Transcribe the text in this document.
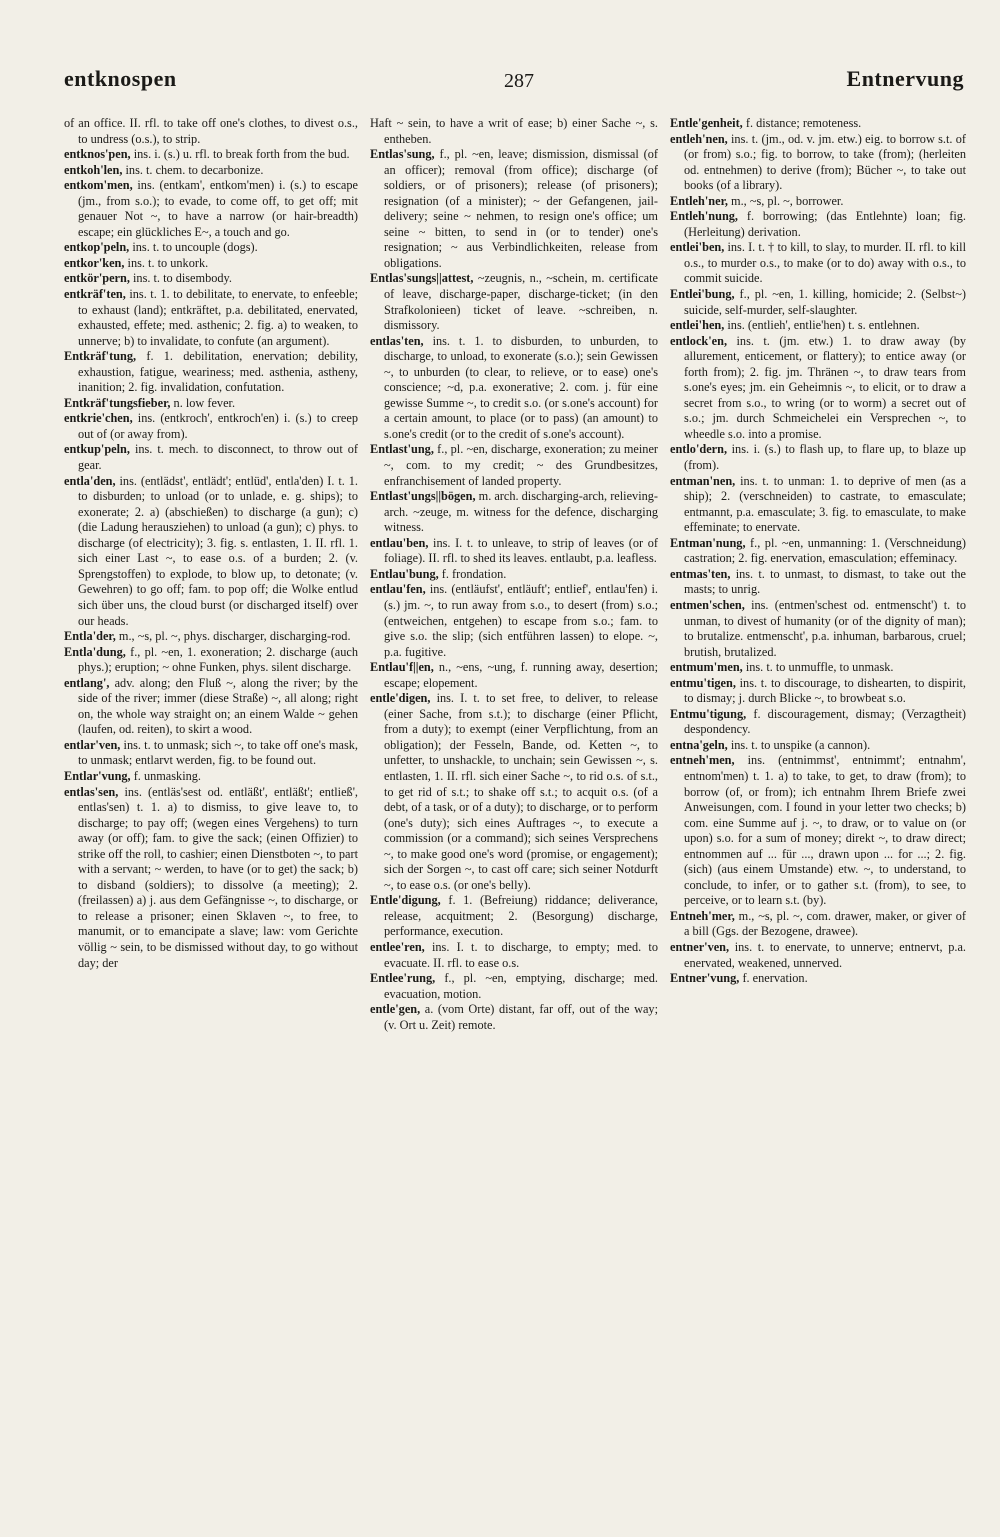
entknospen	287	Entnervung

of an office. II. rfl. to take off one's clothes, to divest o.s., to undress (o.s.), to strip.

entknos'pen, ins. i. (s.) u. rfl. to break forth from the bud.

entkoh'len, ins. t. chem. to decarbonize.

entkom'men, ins. (entkam', entkom'men) i. (s.) to escape (jm., from s.o.); to evade, to come off, to get off; mit genauer Not ~, to have a narrow (or hair-breadth) escape; ein glückliches E~, a touch and go.

entkop'peln, ins. t. to uncouple (dogs).

entkor'ken, ins. t. to unkork.

entkör'pern, ins. t. to disembody.

entkräf'ten, ins. t. 1. to debilitate, to enervate, to enfeeble; to exhaust (land); entkräftet, p.a. debilitated, enervated, exhausted, effete; med. asthenic; 2. fig. a) to weaken, to unnerve; b) to invalidate, to confute (an argument).

Entkräf'tung, f. 1. debilitation, enervation; debility, exhaustion, fatigue, weariness; med. asthenia, astheny, inanition; 2. fig. invalidation, confutation.

Entkräf'tungsfieber, n. low fever.

entkrie'chen, ins. (entkroch', entkroch'en) i. (s.) to creep out of (or away from).

entkup'peln, ins. t. mech. to disconnect, to throw out of gear.

entla'den, ins. (entlädst', entlädt'; entlüd', entla'den) I. t. 1. to disburden; to unload (or to unlade, e. g. ships); to exonerate; 2. a) (abschießen) to discharge (a gun); c) (die Ladung herausziehen) to unload (a gun); c) phys. to discharge (of electricity); 3. fig. s. entlasten, 1. II. rfl. 1. sich einer Last ~, to ease o.s. of a burden; 2. (v. Sprengstoffen) to explode, to blow up, to detonate; (v. Gewehren) to go off; fam. to pop off; die Wolke entlud sich über uns, the cloud burst (or discharged itself) over our heads.

Entla'der, m., ~s, pl. ~, phys. discharger, discharging-rod.

Entla'dung, f., pl. ~en, 1. exoneration; 2. discharge (auch phys.); eruption; ~ ohne Funken, phys. silent discharge.

entlang', adv. along; den Fluß ~, along the river; by the side of the river; immer (diese Straße) ~, all along; right on, the whole way straight on; an einem Walde ~ gehen (laufen, od. reiten), to skirt a wood.

entlar'ven, ins. t. to unmask; sich ~, to take off one's mask, to unmask; entlarvt werden, fig. to be found out.

Entlar'vung, f. unmasking.

entlas'sen, ins. (entläs'sest od. entläßt', entläßt'; entließ', entlas'sen) t. 1. a) to dismiss, to give leave to, to discharge; to pay off; (wegen eines Vergehens) to turn away (or off); fam. to give the sack; (einen Offizier) to strike off the roll, to cashier; einen Dienstboten ~, to part with a servant; ~ werden, to have (or to get) the sack; b) to disband (soldiers); to dissolve (a meeting); 2. (freilassen) a) j. aus dem Gefängnisse ~, to discharge, or to release a prisoner; einen Sklaven ~, to free, to manumit, or to emancipate a slave; law: vom Gerichte völlig ~ sein, to be dismissed without day, to go without day; der

Haft ~ sein, to have a writ of ease; b) einer Sache ~, s. entheben.

Entlas'sung, f., pl. ~en, leave; dismission, dismissal (of an officer); removal (from office); discharge (of soldiers, or of prisoners); release (of prisoners); resignation (of a minister); ~ der Gefangenen, jail-delivery; seine ~ nehmen, to resign one's office; um seine ~ bitten, to send in (or to tender) one's resignation; ~ aus Verbindlichkeiten, release from obligations.

Entlas'sungs||attest, ~zeugnis, n., ~schein, m. certificate of leave, discharge-paper, discharge-ticket; (in den Strafkolonieen) ticket of leave. ~schreiben, n. dismissory.

entlas'ten, ins. t. 1. to disburden, to unburden, to discharge, to unload, to exonerate (s.o.); sein Gewissen ~, to unburden (to clear, to relieve, or to ease) one's conscience; ~d, p.a. exonerative; 2. com. j. für eine gewisse Summe ~, to credit s.o. (or s.one's account) for a certain amount, to place (or to pass) (an amount) to s.one's credit (or to the credit of s.one's account).

Entlast'ung, f., pl. ~en, discharge, exoneration; zu meiner ~, com. to my credit; ~ des Grundbesitzes, enfranchisement of landed property.

Entlast'ungs||bögen, m. arch. discharging-arch, relieving-arch. ~zeuge, m. witness for the defence, discharging witness.

entlau'ben, ins. I. t. to unleave, to strip of leaves (or of foliage). II. rfl. to shed its leaves. entlaubt, p.a. leafless.

Entlau'bung, f. frondation.

entlau'fen, ins. (entläufst', entläuft'; entlief', entlau'fen) i. (s.) jm. ~, to run away from s.o., to desert (from) s.o.; (entweichen, entgehen) to escape from s.o.; fam. to give s.o. the slip; (sich entführen lassen) to elope. ~, p.a. fugitive.

Entlau'f||en, n., ~ens, ~ung, f. running away, desertion; escape; elopement.

entle'digen, ins. I. t. to set free, to deliver, to release (einer Sache, from s.t.); to discharge (einer Pflicht, from a duty); to exempt (einer Verpflichtung, from an obligation); der Fesseln, Bande, od. Ketten ~, to unfetter, to unshackle, to unchain; sein Gewissen ~, s. entlasten, 1. II. rfl. sich einer Sache ~, to rid o.s. of s.t., to get rid of s.t.; to shake off s.t.; to acquit o.s. (of a debt, of a task, or of a duty); to discharge, or to perform (one's duty); sich eines Auftrages ~, to execute a commission (or a command); sich seines Versprechens ~, to make good one's word (promise, or engagement); sich der Sorgen ~, to cast off care; sich seiner Notdurft ~, to ease o.s. (or one's belly).

Entle'digung, f. 1. (Befreiung) riddance; deliverance, release, acquitment; 2. (Besorgung) discharge, performance, execution.

entlee'ren, ins. I. t. to discharge, to empty; med. to evacuate. II. rfl. to ease o.s.

Entlee'rung, f., pl. ~en, emptying, discharge; med. evacuation, motion.

entle'gen, a. (vom Orte) distant, far off, out of the way; (v. Ort u. Zeit) remote.

Entle'genheit, f. distance; remoteness.

entleh'nen, ins. t. (jm., od. v. jm. etw.) eig. to borrow s.t. of (or from) s.o.; fig. to borrow, to take (from); (herleiten od. entnehmen) to derive (from); Bücher ~, to take out books (of a library).

Entleh'ner, m., ~s, pl. ~, borrower.

Entleh'nung, f. borrowing; (das Entlehnte) loan; fig. (Herleitung) derivation.

entlei'ben, ins. I. t. † to kill, to slay, to murder. II. rfl. to kill o.s., to murder o.s., to make (or to do) away with o.s., to commit suicide.

Entlei'bung, f., pl. ~en, 1. killing, homicide; 2. (Selbst~) suicide, self-murder, self-slaughter.

entlei'hen, ins. (entlieh', entlie'hen) t. s. entlehnen.

entlock'en, ins. t. (jm. etw.) 1. to draw away (by allurement, enticement, or flattery); to entice away (or forth from); 2. fig. jm. Thränen ~, to draw tears from s.one's eyes; jm. ein Geheimnis ~, to elicit, or to draw a secret from s.o., to wring (or to worm) a secret out of s.o.; jm. durch Schmeichelei ein Versprechen ~, to wheedle s.o. into a promise.

entlo'dern, ins. i. (s.) to flash up, to flare up, to blaze up (from).

entman'nen, ins. t. to unman: 1. to deprive of men (as a ship); 2. (verschneiden) to castrate, to emasculate; entmannt, p.a. emasculate; 3. fig. to emasculate, to make effeminate; to enervate.

Entman'nung, f., pl. ~en, unmanning: 1. (Verschneidung) castration; 2. fig. enervation, emasculation; effeminacy.

entmas'ten, ins. t. to unmast, to dismast, to take out the masts; to unrig.

entmen'schen, ins. (entmen'schest od. entmenscht') t. to unman, to divest of humanity (or of the dignity of man); to brutalize. entmenscht', p.a. inhuman, barbarous, cruel; brutish, brutalized.

entmum'men, ins. t. to unmuffle, to unmask.

entmu'tigen, ins. t. to discourage, to dishearten, to dispirit, to dismay; j. durch Blicke ~, to browbeat s.o.

Entmu'tigung, f. discouragement, dismay; (Verzagtheit) despondency.

entna'geln, ins. t. to unspike (a cannon).

entneh'men, ins. (entnimmst', entnimmt'; entnahm', entnom'men) t. 1. a) to take, to get, to draw (from); to borrow (of, or from); ich entnahm Ihrem Briefe zwei Anweisungen, com. I found in your letter two checks; b) com. eine Summe auf j. ~, to draw, or to value on (or upon) s.o. for a sum of money; direkt ~, to draw direct; entnommen auf ... für ..., drawn upon ... for ...; 2. fig. (sich) (aus einem Umstande) etw. ~, to understand, to conclude, to infer, or to gather s.t. (from), to see, to perceive, or to learn s.t. (by).

Entneh'mer, m., ~s, pl. ~, com. drawer, maker, or giver of a bill (Ggs. der Bezogene, drawee).

entner'ven, ins. t. to enervate, to unnerve; entnervt, p.a. enervated, weakened, unnerved.

Entner'vung, f. enervation.
